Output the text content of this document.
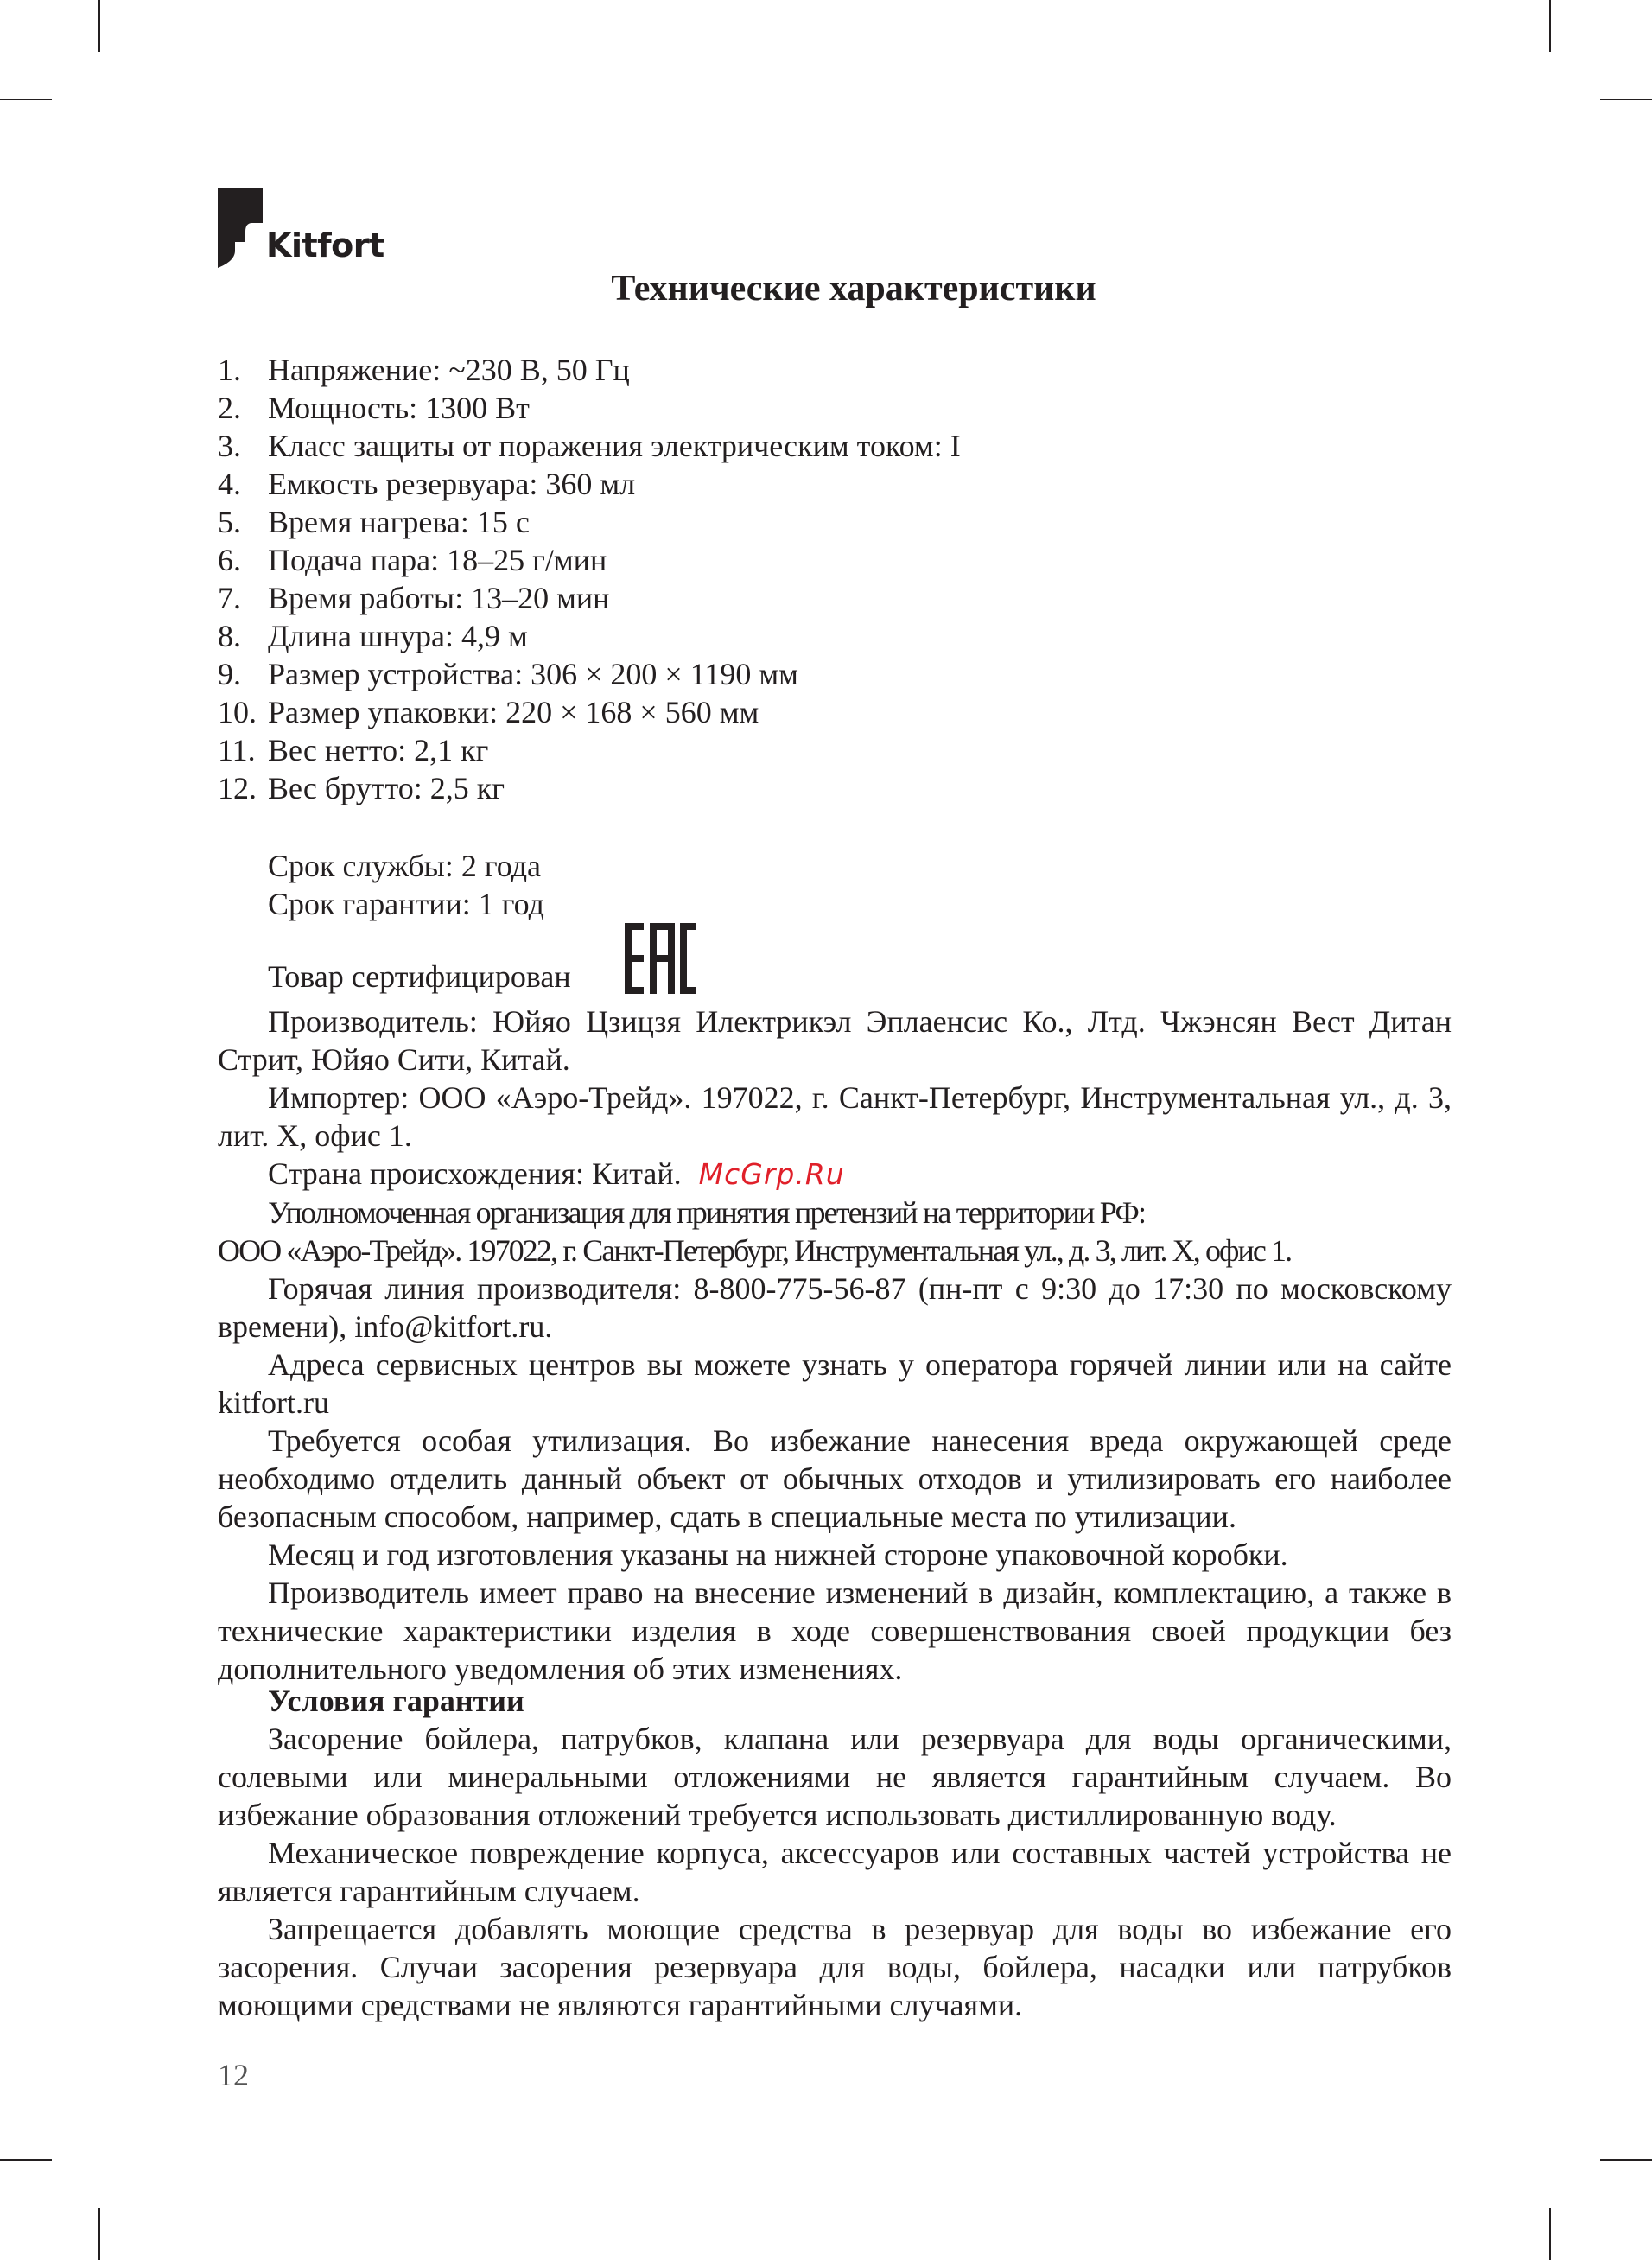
Kitfort
Технические характеристики
1. Напряжение: ~230 В, 50 Гц
2. Мощность: 1300 Вт
3. Класс защиты от поражения электрическим током: I
4. Емкость резервуара: 360 мл
5. Время нагрева: 15 с
6. Подача пара: 18–25 г/мин
7. Время работы: 13–20 мин
8. Длина шнура: 4,9 м
9. Размер устройства: 306 × 200 × 1190 мм
10. Размер упаковки: 220 × 168 × 560 мм
11. Вес нетто: 2,1 кг
12. Вес брутто: 2,5 кг

Срок службы: 2 года

Срок гарантии: 1 год

Товар сертифицирован

Производитель: Юйяо Цзицзя Илектрикэл Эплаенсис Ко., Лтд. Чжэнсян Вест Дитан Стрит, Юйяо Сити, Китай.

Импортер: ООО «Аэро-Трейд». 197022, г. Санкт-Петербург, Инструментальная ул., д. 3, лит. Х, офис 1.

Страна происхождения: Китай. McGrp.Ru

Уполномоченная организация для принятия претензий на территории РФ:

ООО «Аэро-Трейд». 197022, г. Санкт-Петербург, Инструментальная ул., д. 3, лит. Х, офис 1.

Горячая линия производителя: 8-800-775-56-87 (пн-пт с 9:30 до 17:30 по московскому времени), info@kitfort.ru.

Адреса сервисных центров вы можете узнать у оператора горячей линии или на сайте kitfort.ru

Требуется особая утилизация. Во избежание нанесения вреда окружающей среде необходимо отделить данный объект от обычных отходов и утилизировать его наиболее безопасным способом, например, сдать в специальные места по утилизации.

Месяц и год изготовления указаны на нижней стороне упаковочной коробки.

Производитель имеет право на внесение изменений в дизайн, комплектацию, а также в технические характеристики изделия в ходе совершенствования своей продукции без дополнительного уведомления об этих изменениях.

Условия гарантии

Засорение бойлера, патрубков, клапана или резервуара для воды органическими, солевыми или минеральными отложениями не является гарантийным случаем. Во избежание образования отложений требуется использовать дистиллированную воду.

Механическое повреждение корпуса, аксессуаров или составных частей устройства не является гарантийным случаем.

Запрещается добавлять моющие средства в резервуар для воды во избежание его засорения. Случаи засорения резервуара для воды, бойлера, насадки или патрубков моющими средствами не являются гарантийными случаями.

12
